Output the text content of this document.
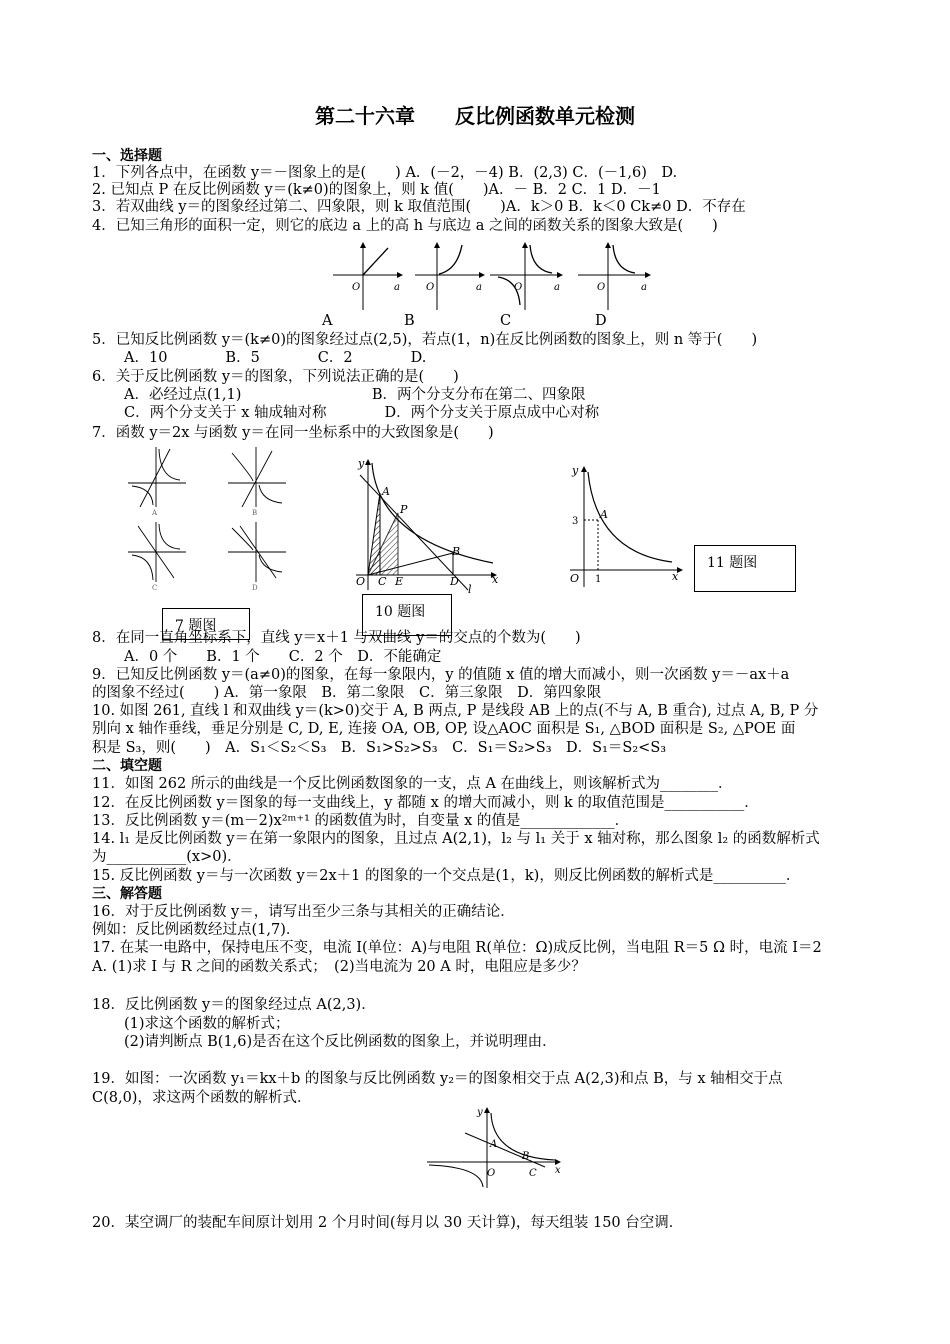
第二十六章　　反比例函数单元检测
一、选择题
1．下列各点中，在函数 y＝－图象上的是(　　) A．(－2，－4) B．(2,3) C．(－1,6)　D.
2. 已知点 P 在反比例函数 y＝(k≠0)的图象上，则 k 值(　　)A．－ B．2 C．1 D．－1
3．若双曲线 y＝的图象经过第二、四象限，则 k 取值范围(　　)A．k＞0 B．k＜0 Ck≠0 D．不存在
4．已知三角形的面积一定，则它的底边 a 上的高 h 与底边 a 之间的函数关系的图象大致是(　　)
O	a	O	a	O	a	O	a
A	B	C	D
5．已知反比例函数 y＝(k≠0)的图象经过点(2,5)，若点(1，n)在反比例函数的图象上，则 n 等于(　　)
A．10　　　　B．5　　　　C．2　　　　D.
6．关于反比例函数 y＝的图象，下列说法正确的是(　　)
A．必经过点(1,1)　　　　　　　　　B．两个分支分布在第二、四象限
C．两个分支关于 x 轴成轴对称　　　　D．两个分支关于原点成中心对称
7．函数 y＝2x 与函数 y＝在同一坐标系中的大致图象是(　　)
A	B
C	D
A
P
B
O C E	D	x
y
l
A
3
1
O	x
y
11 题图
7 题图
10 题图
8．在同一直角坐标系下，直线 y＝x＋1 与双曲线 y＝的交点的个数为(　　)
A．0 个　　B．1 个　　C．2 个　D．不能确定
9．已知反比例函数 y＝(a≠0)的图象，在每一象限内，y 的值随 x 值的增大而减小，则一次函数 y＝－ax＋a
的图象不经过(　　) A．第一象限　B．第二象限　C．第三象限　D．第四象限
10. 如图 261, 直线 l 和双曲线 y＝(k>0)交于 A, B 两点, P 是线段 AB 上的点(不与 A, B 重合), 过点 A, B, P 分
别向 x 轴作垂线，垂足分别是 C, D, E, 连接 OA, OB, OP, 设△AOC 面积是 S₁, △BOD 面积是 S₂, △POE 面
积是 S₃，则(　　)　A．S₁＜S₂＜S₃　B．S₁>S₂>S₃　C．S₁＝S₂>S₃　D．S₁＝S₂<S₃
二、填空题
11．如图 262 所示的曲线是一个反比例函数图象的一支，点 A 在曲线上，则该解析式为________．
12．在反比例函数 y＝图象的每一支曲线上，y 都随 x 的增大而减小，则 k 的取值范围是___________．
13．反比例函数 y＝(m－2)x²ᵐ⁺¹ 的函数值为时，自变量 x 的值是_____________．
14. l₁ 是反比例函数 y＝在第一象限内的图象，且过点 A(2,1)，l₂ 与 l₁ 关于 x 轴对称，那么图象 l₂ 的函数解析式
为___________(x>0)．
15. 反比例函数 y＝与一次函数 y＝2x＋1 的图象的一个交点是(1，k)，则反比例函数的解析式是__________．
三、解答题
16．对于反比例函数 y＝，请写出至少三条与其相关的正确结论．
例如：反比例函数经过点(1,7)．
17. 在某一电路中，保持电压不变，电流 I(单位：A)与电阻 R(单位：Ω)成反比例，当电阻 R＝5 Ω 时，电流 I＝2
A. (1)求 I 与 R 之间的函数关系式；　(2)当电流为 20 A 时，电阻应是多少？
18．反比例函数 y＝的图象经过点 A(2,3)．
(1)求这个函数的解析式；
(2)请判断点 B(1,6)是否在这个反比例函数的图象上，并说明理由．
19．如图：一次函数 y₁＝kx＋b 的图象与反比例函数 y₂＝的图象相交于点 A(2,3)和点 B，与 x 轴相交于点
C(8,0)，求这两个函数的解析式．
A
B
O	C x
y
20．某空调厂的装配车间原计划用 2 个月时间(每月以 30 天计算)，每天组装 150 台空调．
